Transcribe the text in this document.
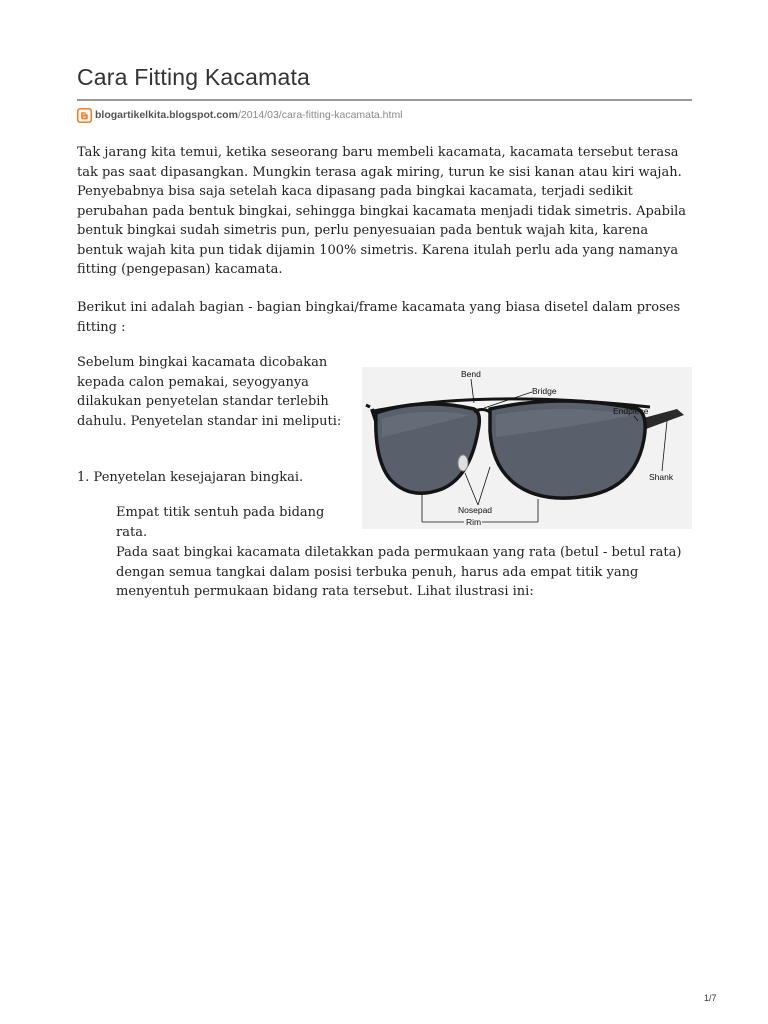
Cara Fitting Kacamata
blogartikelkita.blogspot.com /2014/03/cara-fitting-kacamata.html

Tak jarang kita temui, ketika seseorang baru membeli kacamata, kacamata tersebut terasa tak pas saat dipasangkan. Mungkin terasa agak miring, turun ke sisi kanan atau kiri wajah. Penyebabnya bisa saja setelah kaca dipasang pada bingkai kacamata, terjadi sedikit perubahan pada bentuk bingkai, sehingga bingkai kacamata menjadi tidak simetris. Apabila bentuk bingkai sudah simetris pun, perlu penyesuaian pada bentuk wajah kita, karena bentuk wajah kita pun tidak dijamin 100% simetris. Karena itulah perlu ada yang namanya fitting (pengepasan) kacamata.

Berikut ini adalah bagian - bagian bingkai/frame kacamata yang biasa disetel dalam proses fitting :

Sebelum bingkai kacamata dicobakan kepada calon pemakai, seyogyanya dilakukan penyetelan standar terlebih dahulu. Penyetelan standar ini meliputi:

1. Penyetelan kesejajaran bingkai.

Empat titik sentuh pada bidang rata.

Pada saat bingkai kacamata diletakkan pada permukaan yang rata (betul - betul rata) dengan semua tangkai dalam posisi terbuka penuh, harus ada empat titik yang menyentuh permukaan bidang rata tersebut. Lihat ilustrasi ini:

Bend
Bridge
Endpiece
Shank
Nosepad
Rim
1/7
